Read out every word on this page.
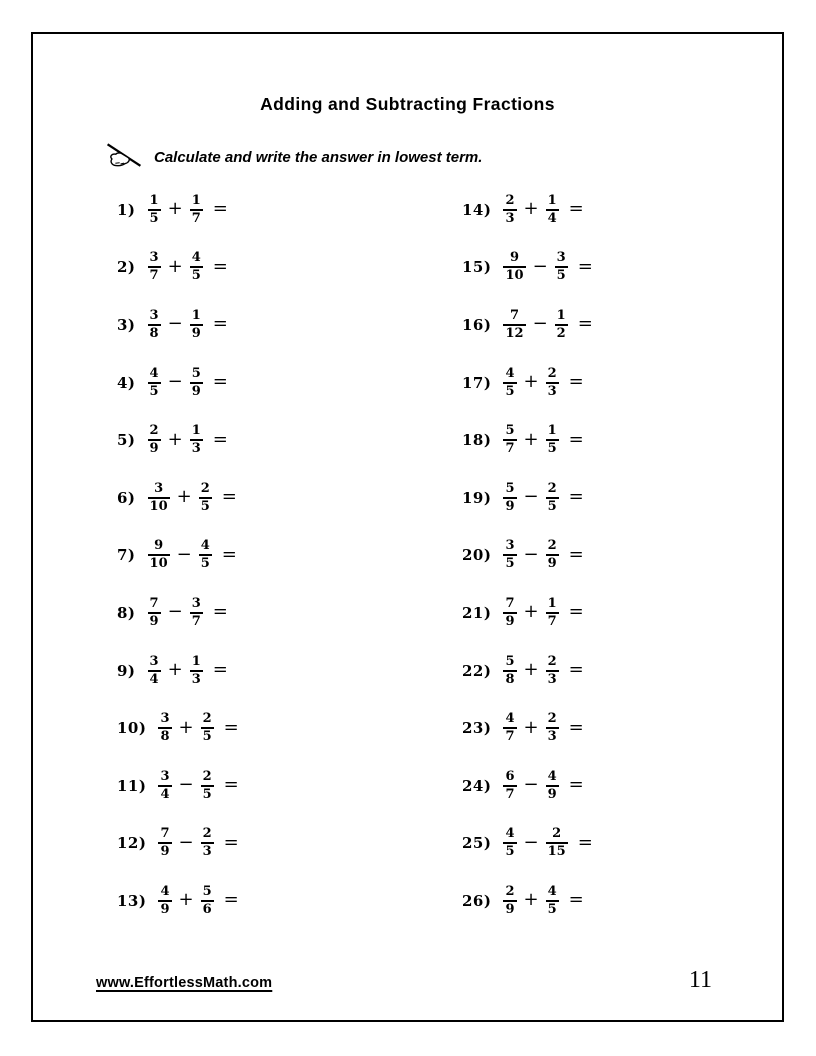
Adding and Subtracting Fractions
Calculate and write the answer in lowest term.
$1) \frac{1}{5} + \frac{1}{7}$ =
$2) \frac{3}{7} + \frac{4}{5}$ =
$3) \frac{3}{8} - \frac{1}{9}$ =
$4) \frac{4}{5} - \frac{5}{9}$ =
$5) \frac{2}{9} + \frac{1}{3}$ =
$6) \frac{3}{10} + \frac{2}{5}$ =
$7) \frac{9}{10} - \frac{4}{5}$ =
$8) \frac{7}{9} - \frac{3}{7}$ =
$9) \frac{3}{4} + \frac{1}{3}$ =
$10) \frac{3}{8} + \frac{2}{5}$ =
$11) \frac{3}{4} - \frac{2}{5}$ =
$12) \frac{7}{9} - \frac{2}{3}$ =
$13) \frac{4}{9} + \frac{5}{6}$ =
$14) \frac{2}{3} + \frac{1}{4}$ =
$15) \frac{9}{10} - \frac{3}{5}$ =
$16) \frac{7}{12} - \frac{1}{2}$ =
$17) \frac{4}{5} + \frac{2}{3}$ =
$18) \frac{5}{7} + \frac{1}{5}$ =
$19) \frac{5}{9} - \frac{2}{5}$ =
$20) \frac{3}{5} - \frac{2}{9}$ =
$21) \frac{7}{9} + \frac{1}{7}$ =
$22) \frac{5}{8} + \frac{2}{3}$ =
$23) \frac{4}{7} + \frac{2}{3}$ =
$24) \frac{6}{7} - \frac{4}{9}$ =
$25) \frac{4}{5} - \frac{2}{15}$ =
$26) \frac{2}{9} + \frac{4}{5}$ =
www.EffortlessMath.com	11
